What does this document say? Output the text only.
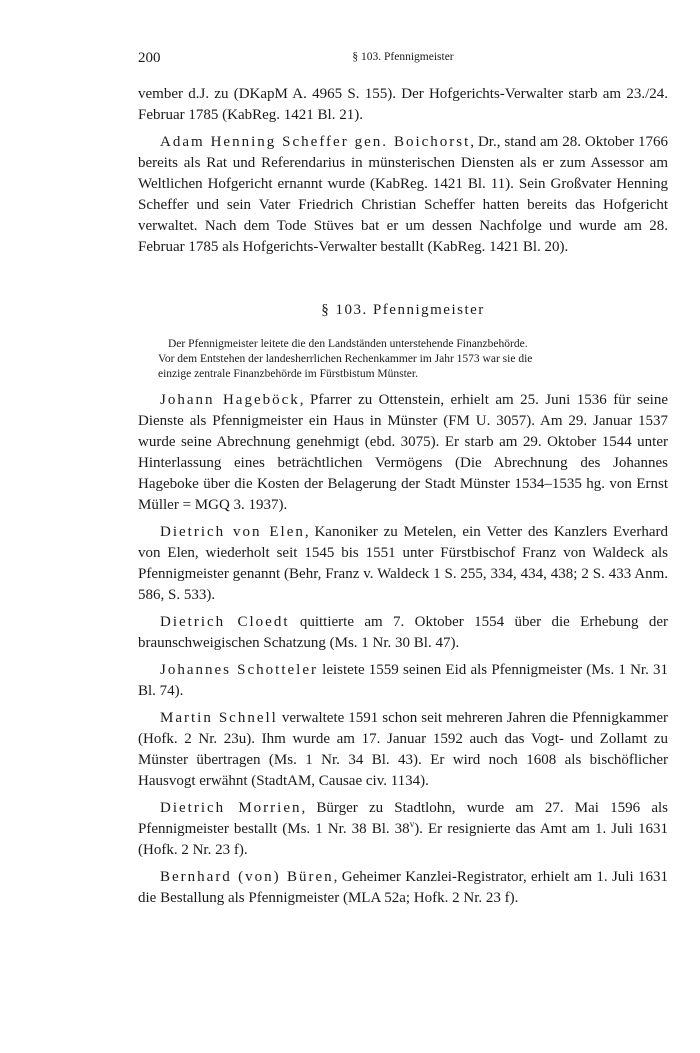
200	§ 103. Pfennigmeister

vember d.J. zu (DKapM A. 4965 S. 155). Der Hofgerichts-Verwalter starb am 23./24. Februar 1785 (KabReg. 1421 Bl. 21).

Adam Henning Scheffer gen. Boichorst, Dr., stand am 28. Oktober 1766 bereits als Rat und Referendarius in münsterischen Diensten als er zum Assessor am Weltlichen Hofgericht ernannt wurde (KabReg. 1421 Bl. 11). Sein Großvater Henning Scheffer und sein Vater Friedrich Christian Scheffer hatten bereits das Hofgericht verwaltet. Nach dem Tode Stüves bat er um dessen Nachfolge und wurde am 28. Februar 1785 als Hofgerichts-Verwalter bestallt (KabReg. 1421 Bl. 20).

§ 103. Pfennigmeister
Der Pfennigmeister leitete die den Landständen unterstehende Finanzbehörde.
Vor dem Entstehen der landesherrlichen Rechenkammer im Jahr 1573 war sie die
einzige zentrale Finanzbehörde im Fürstbistum Münster.

Johann Hageböck, Pfarrer zu Ottenstein, erhielt am 25. Juni 1536 für seine Dienste als Pfennigmeister ein Haus in Münster (FM U. 3057). Am 29. Januar 1537 wurde seine Abrechnung genehmigt (ebd. 3075). Er starb am 29. Oktober 1544 unter Hinterlassung eines beträchtlichen Vermögens (Die Abrechnung des Johannes Hageboke über die Kosten der Belagerung der Stadt Münster 1534–1535 hg. von Ernst Müller = MGQ 3. 1937).

Dietrich von Elen, Kanoniker zu Metelen, ein Vetter des Kanzlers Everhard von Elen, wiederholt seit 1545 bis 1551 unter Fürstbischof Franz von Waldeck als Pfennigmeister genannt (Behr, Franz v. Waldeck 1 S. 255, 334, 434, 438; 2 S. 433 Anm. 586, S. 533).

Dietrich Cloedt quittierte am 7. Oktober 1554 über die Erhebung der braunschweigischen Schatzung (Ms. 1 Nr. 30 Bl. 47).

Johannes Schotteler leistete 1559 seinen Eid als Pfennigmeister (Ms. 1 Nr. 31 Bl. 74).

Martin Schnell verwaltete 1591 schon seit mehreren Jahren die Pfennigkammer (Hofk. 2 Nr. 23u). Ihm wurde am 17. Januar 1592 auch das Vogt- und Zollamt zu Münster übertragen (Ms. 1 Nr. 34 Bl. 43). Er wird noch 1608 als bischöflicher Hausvogt erwähnt (StadtAM, Causae civ. 1134).

Dietrich Morrien, Bürger zu Stadtlohn, wurde am 27. Mai 1596 als Pfennigmeister bestallt (Ms. 1 Nr. 38 Bl. 38$^v$). Er resignierte das Amt am 1. Juli 1631 (Hofk. 2 Nr. 23 f).

Bernhard (von) Büren, Geheimer Kanzlei-Registrator, erhielt am 1. Juli 1631 die Bestallung als Pfennigmeister (MLA 52a; Hofk. 2 Nr. 23 f).
